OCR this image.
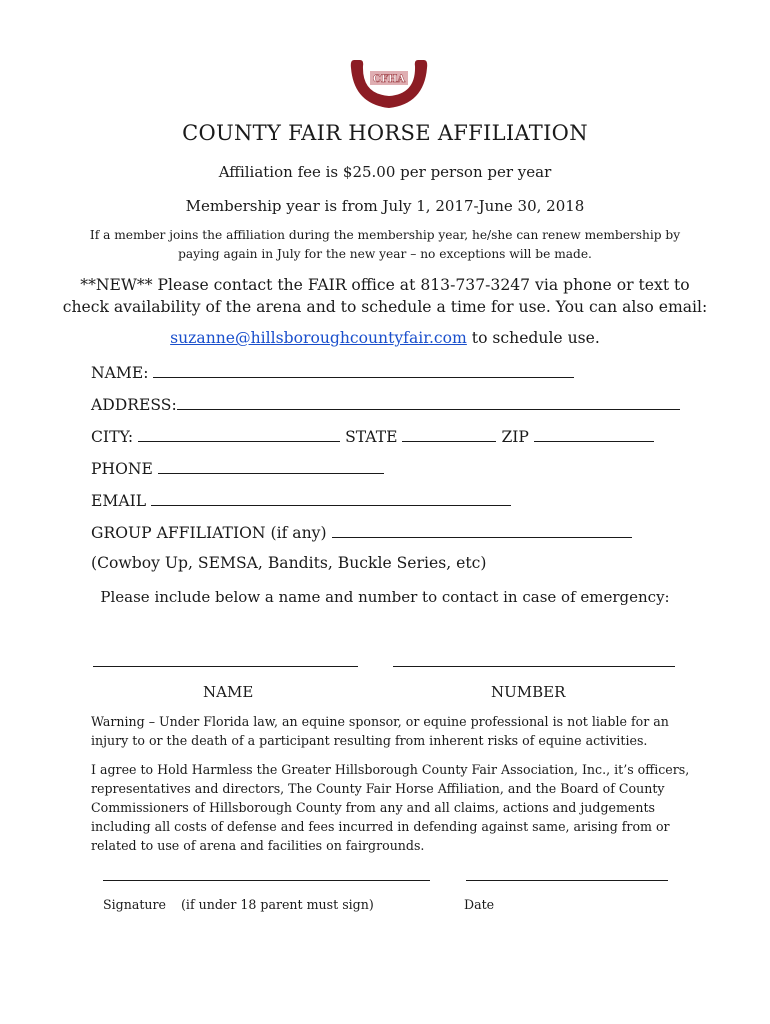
CFHA
COUNTY FAIR HORSE AFFILIATION
Affiliation fee is $25.00 per person per year
Membership year is from July 1, 2017-June 30, 2018
If a member joins the affiliation during the membership year, he/she can renew membership by
paying again in July for the new year – no exceptions will be made.
**NEW** Please contact the FAIR office at 813-737-3247 via phone or text to
check availability of the arena and to schedule a time for use. You can also email:
suzanne@hillsboroughcountyfair.com to schedule use.
NAME:
ADDRESS:
CITY:	STATE	ZIP
PHONE
EMAIL
GROUP AFFILIATION (if any)
(Cowboy Up, SEMSA, Bandits, Buckle Series, etc)
Please include below a name and number to contact in case of emergency:
NAME	NUMBER
Warning – Under Florida law, an equine sponsor, or equine professional is not liable for an
injury to or the death of a participant resulting from inherent risks of equine activities.
I agree to Hold Harmless the Greater Hillsborough County Fair Association, Inc., it’s officers,
representatives and directors, The County Fair Horse Affiliation, and the Board of County
Commissioners of Hillsborough County from any and all claims, actions and judgements
including all costs of defense and fees incurred in defending against same, arising from or
related to use of arena and facilities on fairgrounds.
Signature (if under 18 parent must sign)	Date
